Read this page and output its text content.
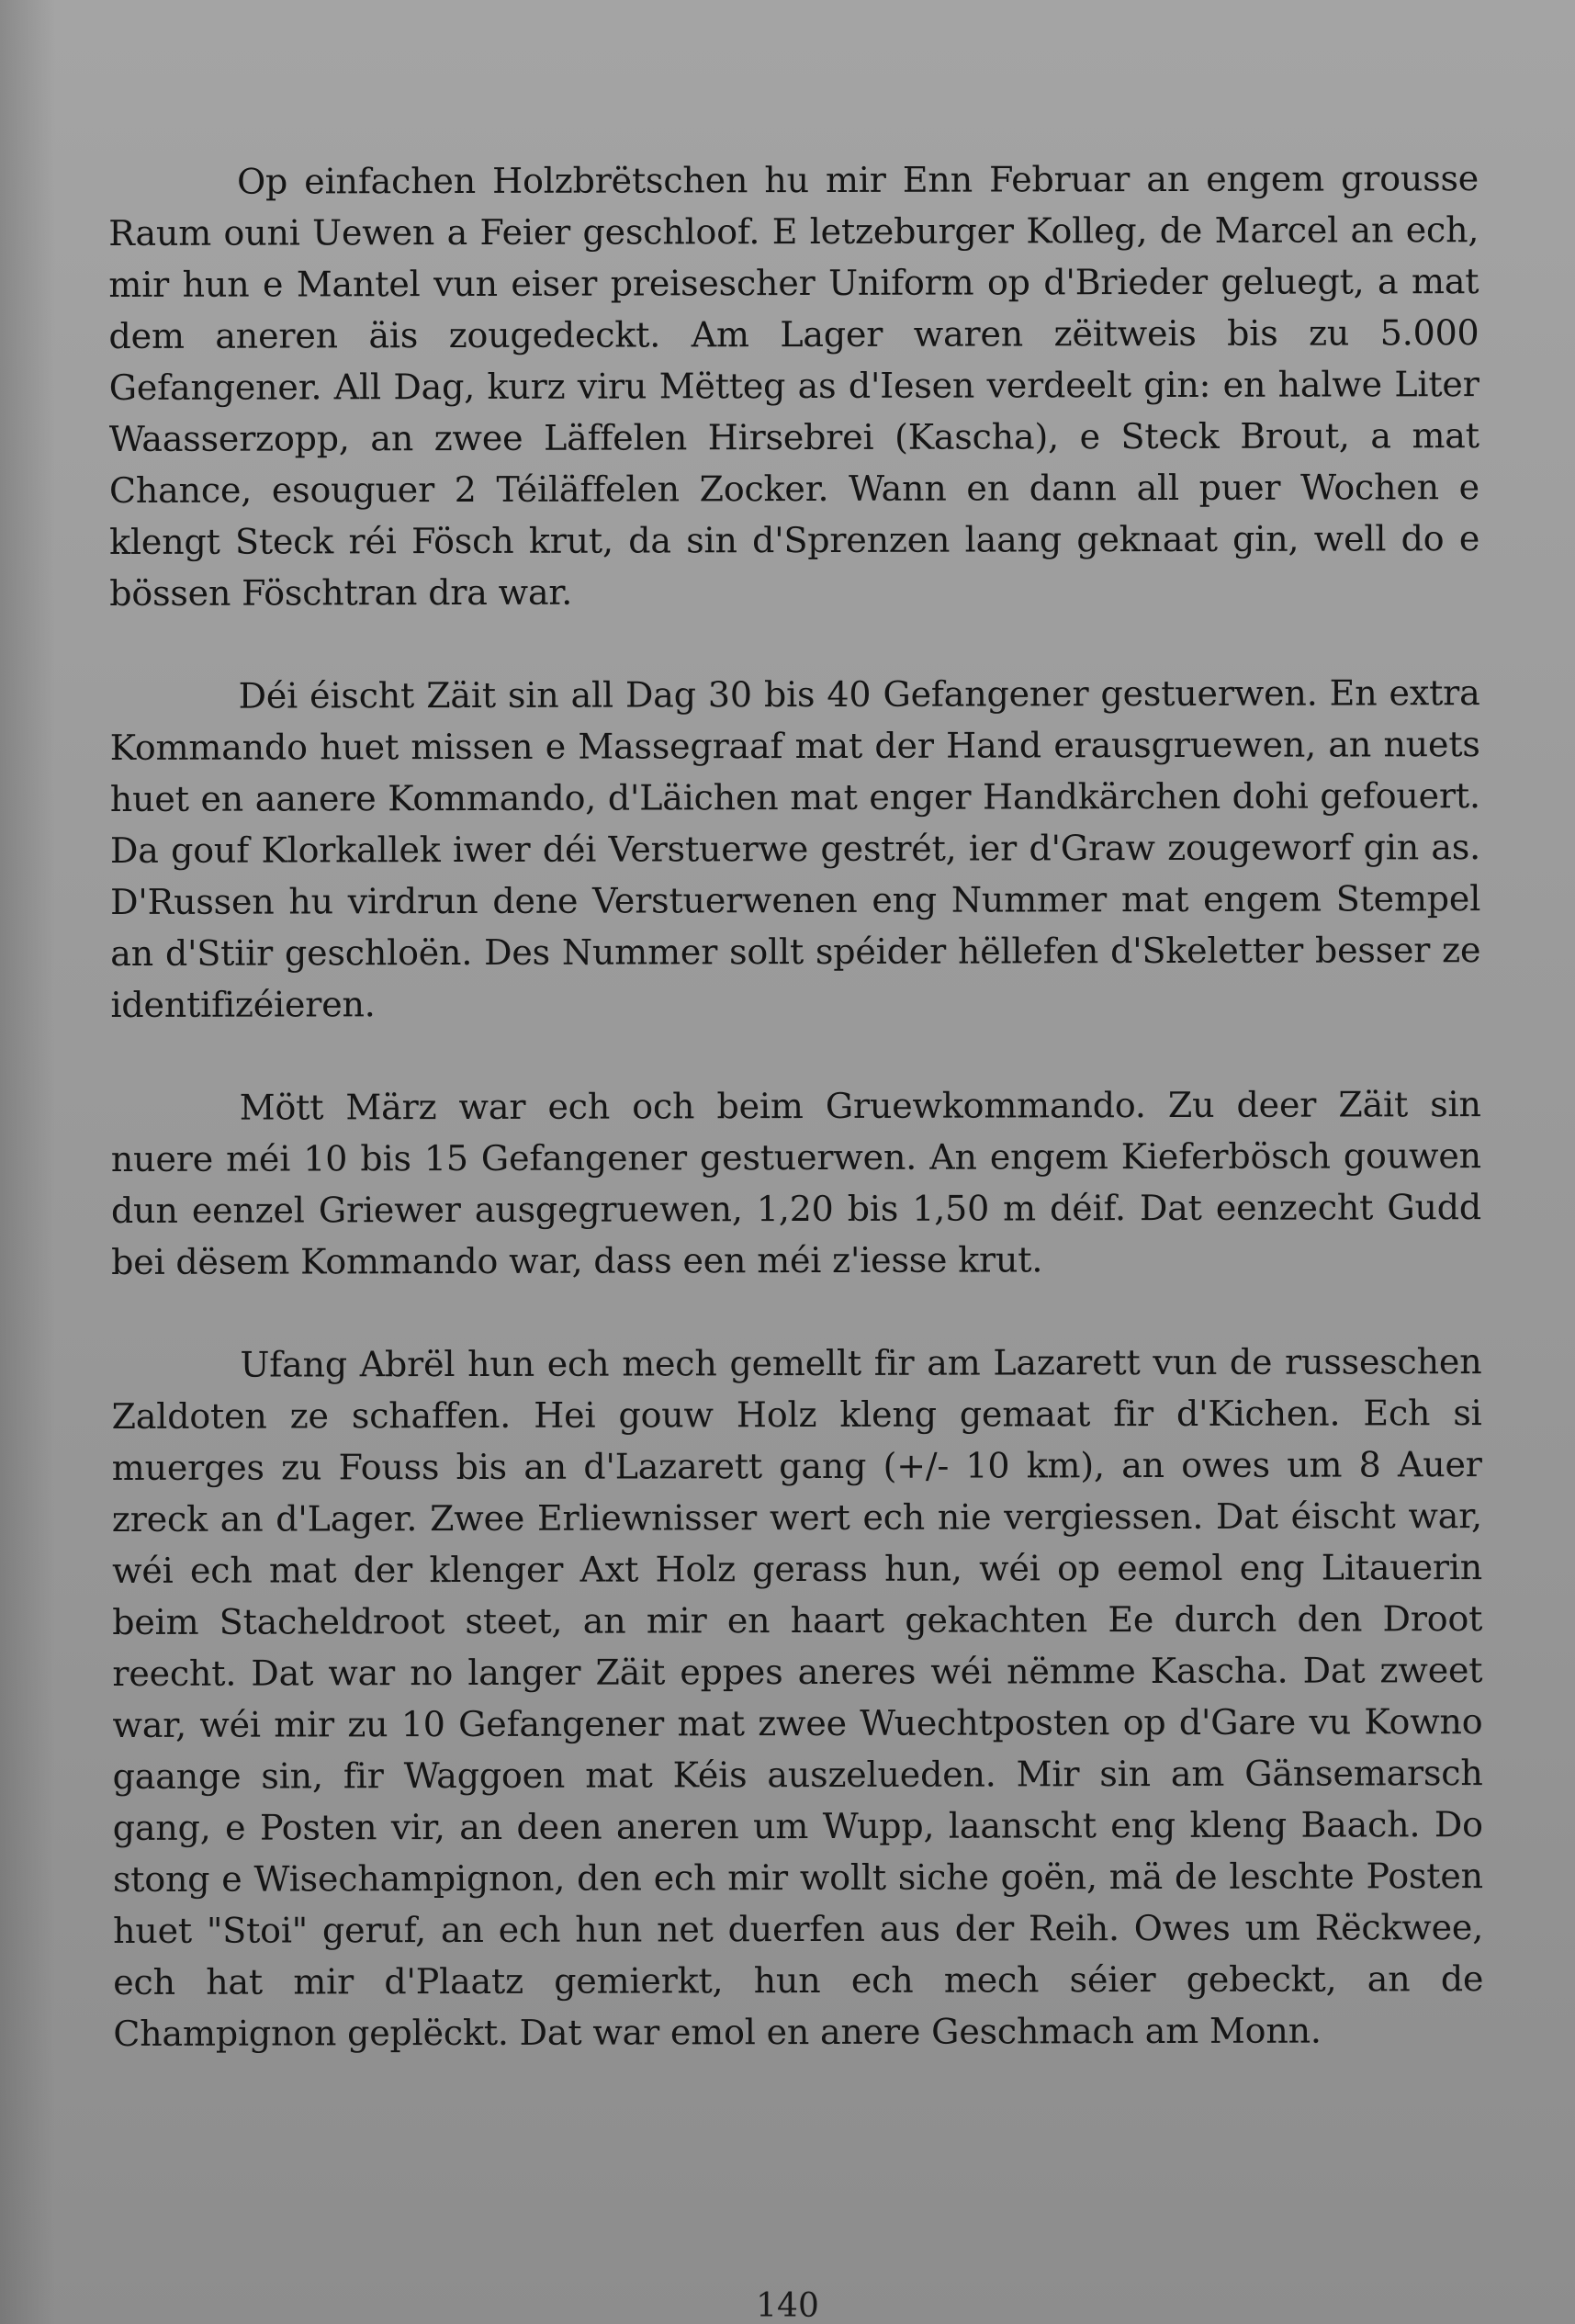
Op einfachen Holzbrëtschen hu mir Enn Februar an engem grousse Raum ouni Uewen a Feier geschloof. E letzeburger Kolleg, de Marcel an ech, mir hun e Mantel vun eiser preisescher Uniform op d'Brieder geluegt, a mat dem aneren äis zougedeckt. Am Lager waren zëitweis bis zu 5.000 Gefangener. All Dag, kurz viru Mëtteg as d'Iesen verdeelt gin: en halwe Liter Waasserzopp, an zwee Läffelen Hirsebrei (Kascha), e Steck Brout, a mat Chance, esouguer 2 Téiläffelen Zocker. Wann en dann all puer Wochen e klengt Steck réi Fösch krut, da sin d'Sprenzen laang geknaat gin, well do e bössen Föschtran dra war.

Déi éischt Zäit sin all Dag 30 bis 40 Gefangener gestuerwen. En extra Kommando huet missen e Massegraaf mat der Hand erausgruewen, an nuets huet en aanere Kommando, d'Läichen mat enger Handkärchen dohi gefouert. Da gouf Klorkallek iwer déi Verstuerwe gestrét, ier d'Graw zougeworf gin as. D'Russen hu virdrun dene Verstuerwenen eng Nummer mat engem Stempel an d'Stiir geschloën. Des Nummer sollt spéider hëllefen d'Skeletter besser ze identifizéieren.

Mött März war ech och beim Gruewkommando. Zu deer Zäit sin nuere méi 10 bis 15 Gefangener gestuerwen. An engem Kieferbösch gouwen dun eenzel Griewer ausgegruewen, 1,20 bis 1,50 m déif. Dat eenzecht Gudd bei dësem Kommando war, dass een méi z'iesse krut.

Ufang Abrël hun ech mech gemellt fir am Lazarett vun de russeschen Zaldoten ze schaffen. Hei gouw Holz kleng gemaat fir d'Kichen. Ech si muerges zu Fouss bis an d'Lazarett gang (+/- 10 km), an owes um 8 Auer zreck an d'Lager. Zwee Erliewnisser wert ech nie vergiessen. Dat éischt war, wéi ech mat der klenger Axt Holz gerass hun, wéi op eemol eng Litauerin beim Stacheldroot steet, an mir en haart gekachten Ee durch den Droot reecht. Dat war no langer Zäit eppes aneres wéi nëmme Kascha. Dat zweet war, wéi mir zu 10 Gefangener mat zwee Wuechtposten op d'Gare vu Kowno gaange sin, fir Waggoen mat Kéis auszelueden. Mir sin am Gänsemarsch gang, e Posten vir, an deen aneren um Wupp, laanscht eng kleng Baach. Do stong e Wisechampignon, den ech mir wollt siche goën, mä de leschte Posten huet "Stoi" geruf, an ech hun net duerfen aus der Reih. Owes um Rëckwee, ech hat mir d'Plaatz gemierkt, hun ech mech séier gebeckt, an de Champignon geplëckt. Dat war emol en anere Geschmach am Monn.

140
